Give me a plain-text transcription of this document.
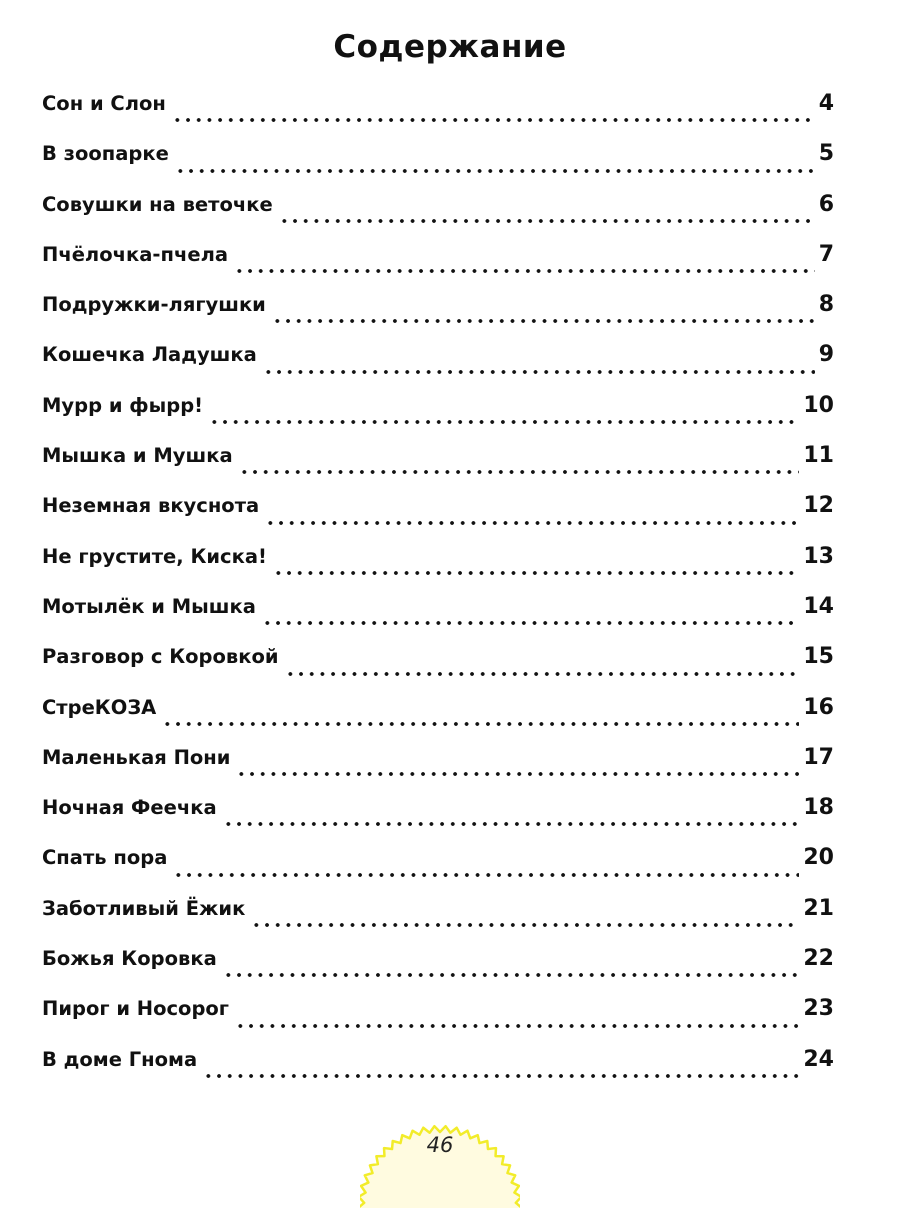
Содержание
Сон и Слон	4
В зоопарке	5
Совушки на веточке	6
Пчёлочка-пчела	7
Подружки-лягушки	8
Кошечка Ладушка	9
Мурр и фырр!	10
Мышка и Мушка	11
Неземная вкуснота	12
Не грустите, Киска!	13
Мотылёк и Мышка	14
Разговор с Коровкой	15
СтреКОЗА	16
Маленькая Пони	17
Ночная Феечка	18
Спать пора	20
Заботливый Ёжик	21
Божья Коровка	22
Пирог и Носорог	23
В доме Гнома	24
46
